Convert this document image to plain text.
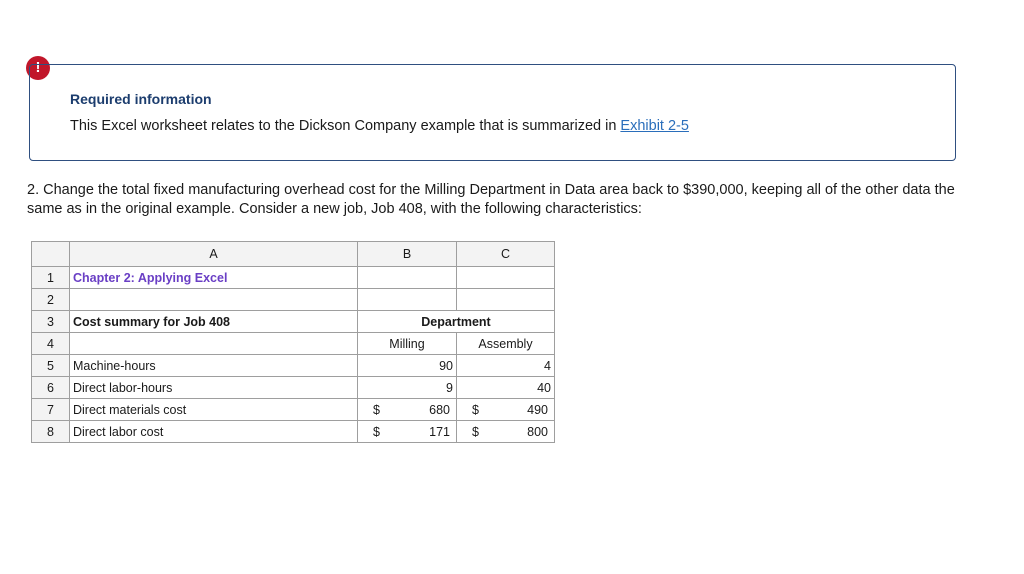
!
Required information
This Excel worksheet relates to the Dickson Company example that is summarized in Exhibit 2-5
2. Change the total fixed manufacturing overhead cost for the Milling Department in Data area back to $390,000, keeping all of the other data the same as in the original example. Consider a new job, Job 408, with the following characteristics:
	A	B	C
1	Chapter 2: Applying Excel		
2			
3	Cost summary for Job 408	Department	
4		Milling	Assembly
5	Machine-hours	90	4
6	Direct labor-hours	9	40
7	Direct materials cost	$ 680	$ 490

8	Direct labor cost	$ 171	$ 800
